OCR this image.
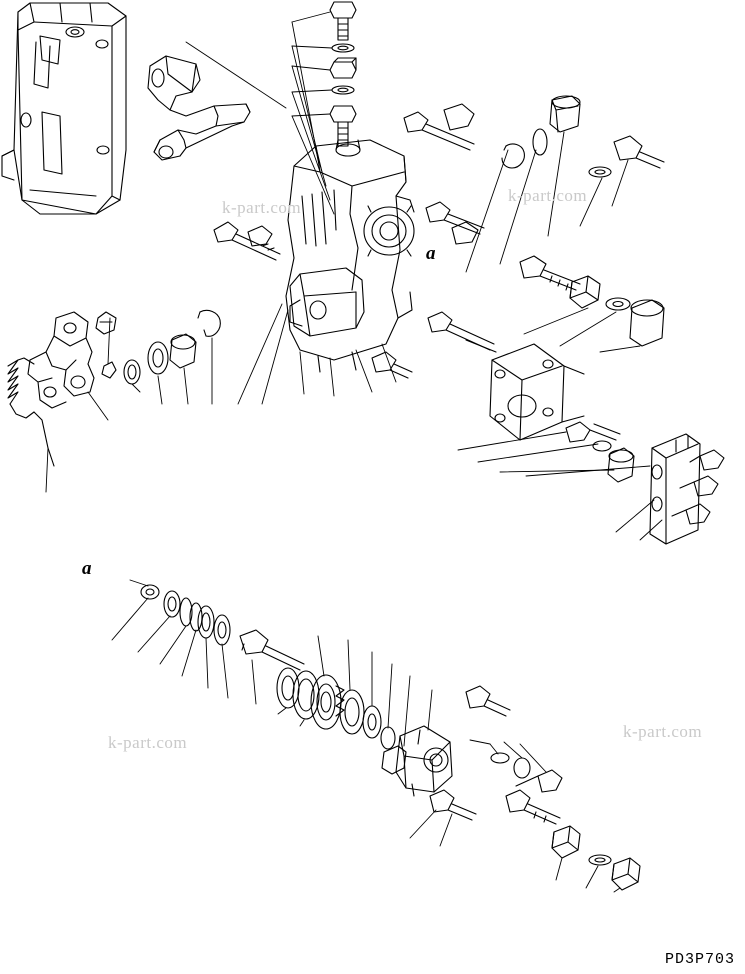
k-part.com
k-part.com
k-part.com
k-part.com
a
a
PD3P703
